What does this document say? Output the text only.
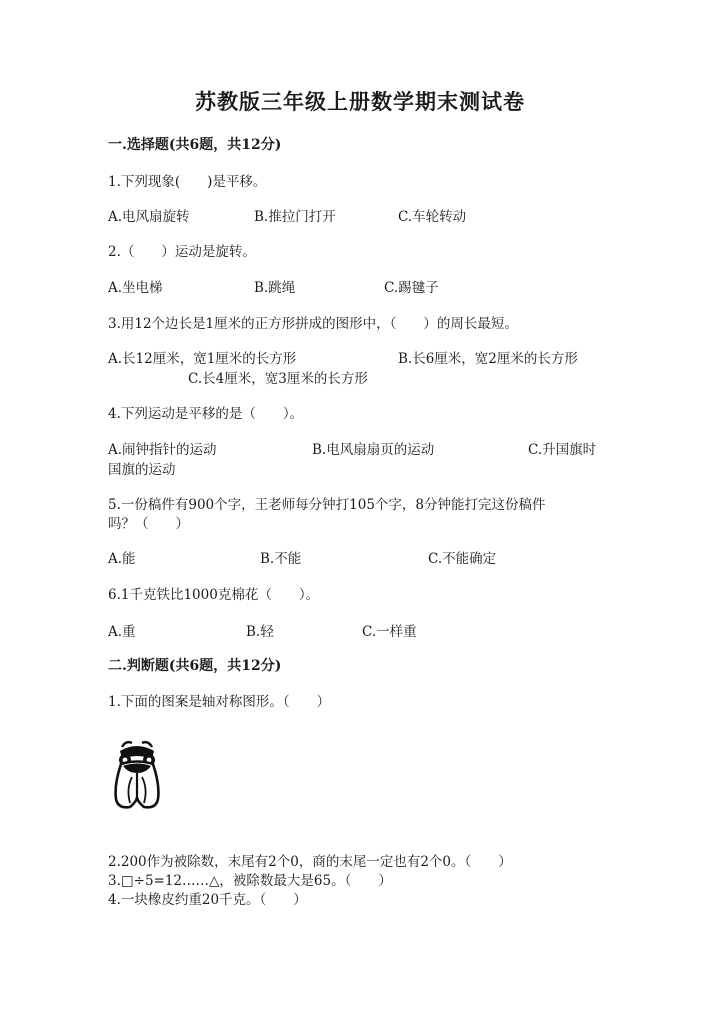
苏教版三年级上册数学期末测试卷
一.选择题(共6题，共12分)
1.下列现象(　　)是平移。
A.电风扇旋转	B.推拉门打开	C.车轮转动
2.（　　）运动是旋转。
A.坐电梯	B.跳绳	C.踢毽子
3.用12个边长是1厘米的正方形拼成的图形中，（　　）的周长最短。
A.长12厘米，宽1厘米的长方形	B.长6厘米，宽2厘米的长方形
C.长4厘米，宽3厘米的长方形
4.下列运动是平移的是（　　）。
A.闹钟指针的运动	B.电风扇扇页的运动	C.升国旗时
国旗的运动
5.一份稿件有900个字，王老师每分钟打105个字，8分钟能打完这份稿件
吗？（　　）
A.能	B.不能	C.不能确定
6.1千克铁比1000克棉花（　　）。
A.重	B.轻	C.一样重
二.判断题(共6题，共12分)
1.下面的图案是轴对称图形。（　　）
2.200作为被除数，末尾有2个0，商的末尾一定也有2个0。（　　）
3.□÷5=12……△，被除数最大是65。（　　）
4.一块橡皮约重20千克。（　　）
